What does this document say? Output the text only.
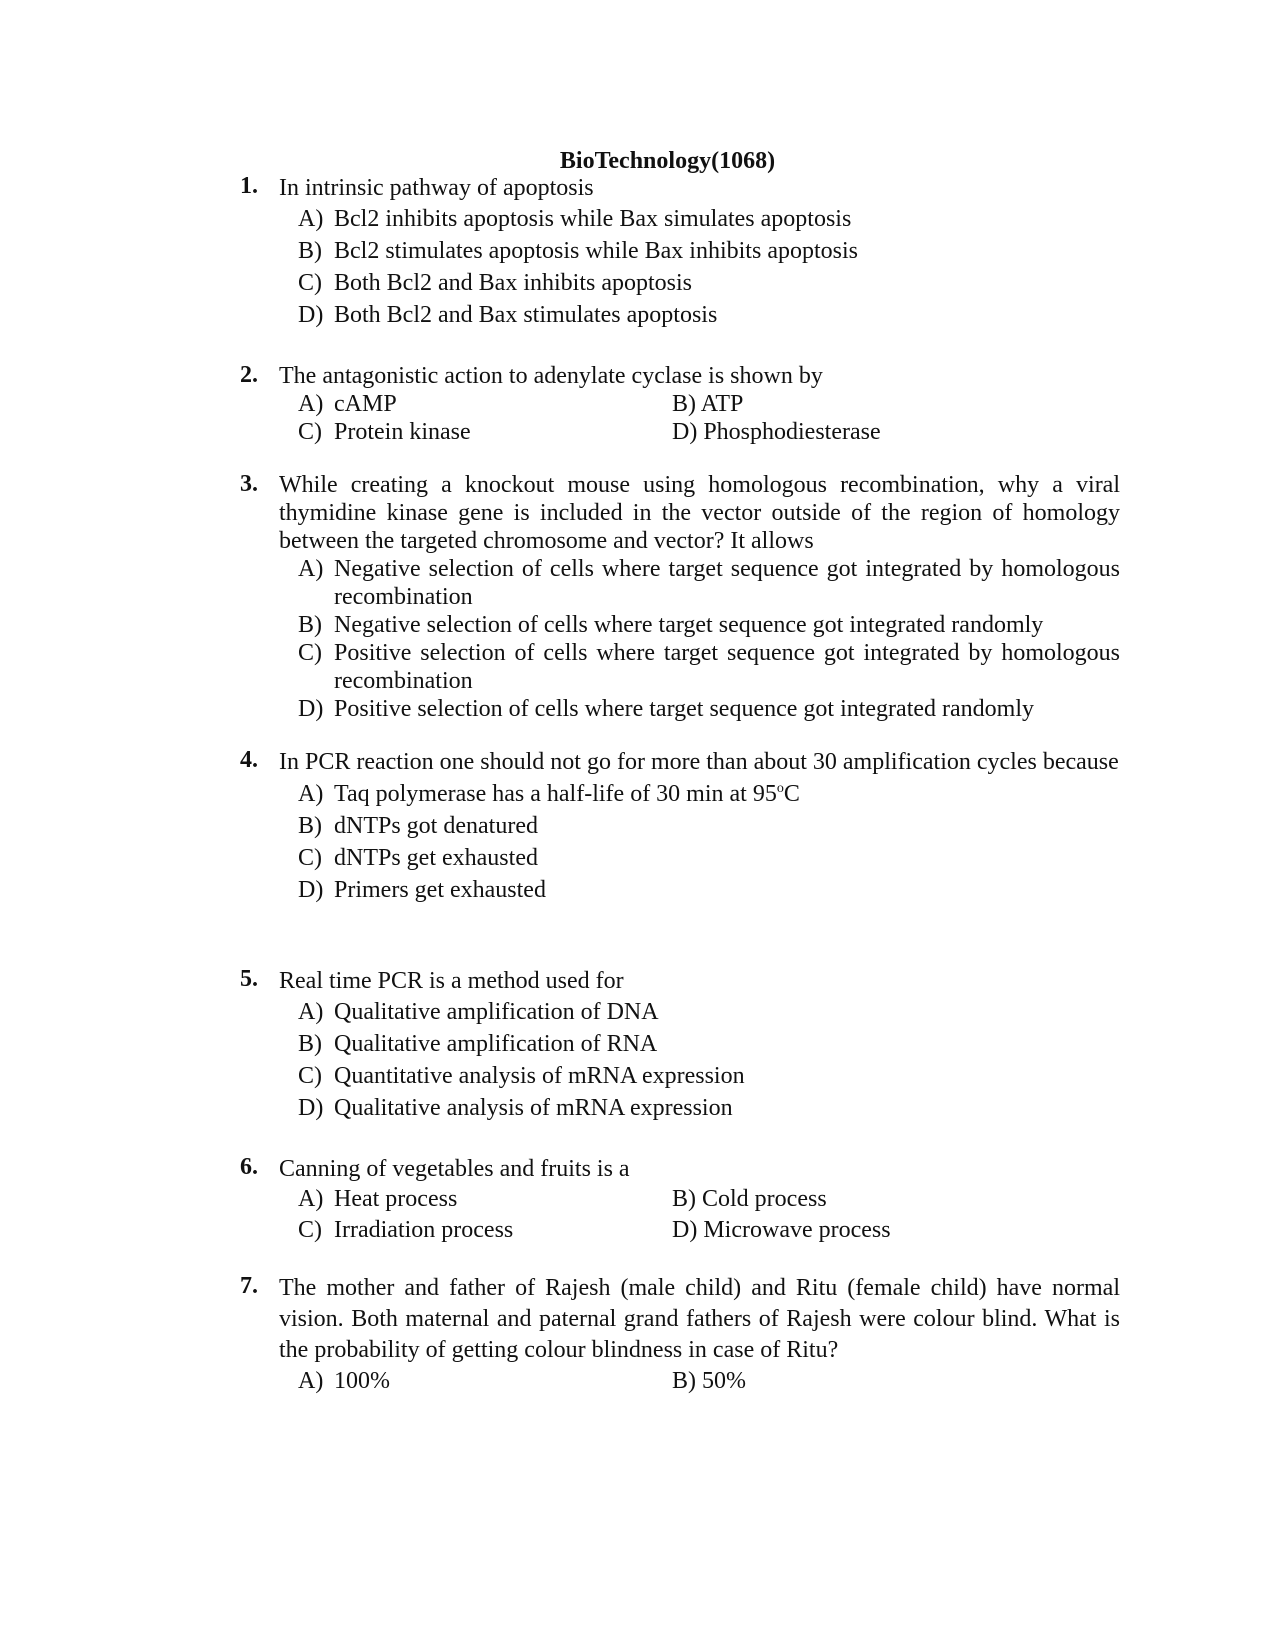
BioTechnology(1068)
1. In intrinsic pathway of apoptosis
A) Bcl2 inhibits apoptosis while Bax simulates apoptosis
B) Bcl2 stimulates apoptosis while Bax inhibits apoptosis
C) Both Bcl2 and Bax inhibits apoptosis
D) Both Bcl2 and Bax stimulates apoptosis
2. The antagonistic action to adenylate cyclase is shown by
A) cAMP	B) ATP
C) Protein kinase	D) Phosphodiesterase
3. While creating a knockout mouse using homologous recombination, why a viral thymidine kinase gene is included in the vector outside of the region of homology between the targeted chromosome and vector? It allows
A) Negative selection of cells where target sequence got integrated by homologous recombination
B) Negative selection of cells where target sequence got integrated randomly
C) Positive selection of cells where target sequence got integrated by homologous recombination
D) Positive selection of cells where target sequence got integrated randomly
4. In PCR reaction one should not go for more than about 30 amplification cycles because
A) Taq polymerase has a half-life of 30 min at 95$^o$C
B) dNTPs got denatured
C) dNTPs get exhausted
D) Primers get exhausted
5. Real time PCR is a method used for
A) Qualitative amplification of DNA
B) Qualitative amplification of RNA
C) Quantitative analysis of mRNA expression
D) Qualitative analysis of mRNA expression
6. Canning of vegetables and fruits is a
A) Heat process	B) Cold process
C) Irradiation process	D) Microwave process
7. The mother and father of Rajesh (male child) and Ritu (female child) have normal vision. Both maternal and paternal grand fathers of Rajesh were colour blind. What is the probability of getting colour blindness in case of Ritu?
A) 100%	B) 50%
